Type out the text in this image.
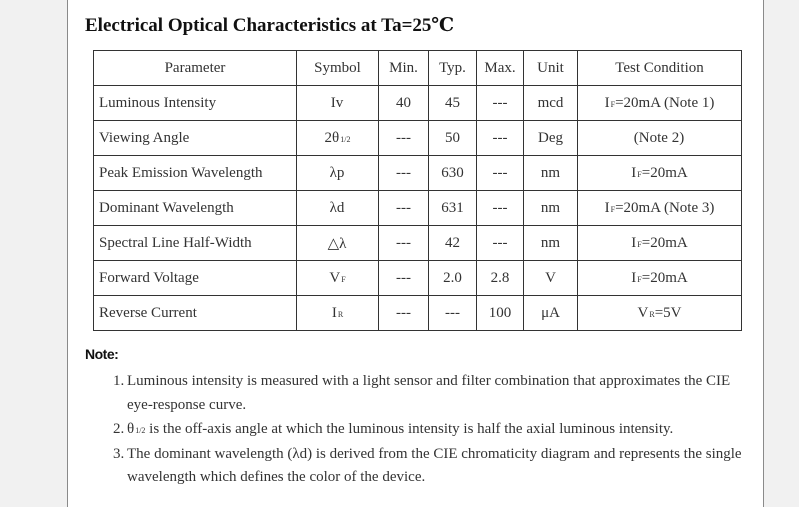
Electrical Optical Characteristics at Ta=25℃
Parameter	Symbol	Min.	Typ.	Max.	Unit	Test Condition
Luminous Intensity	Iv	40	45	---	mcd	IF=20mA (Note 1)
Viewing Angle	2θ1/2	---	50	---	Deg	(Note 2)
Peak Emission Wavelength	λp	---	630	---	nm	IF=20mA
Dominant Wavelength	λd	---	631	---	nm	IF=20mA (Note 3)
Spectral Line Half-Width	△λ	---	42	---	nm	IF=20mA
Forward Voltage	VF	---	2.0	2.8	V	IF=20mA
Reverse Current	IR	---	---	100	μA	VR=5V
Note:
1. Luminous intensity is measured with a light sensor and filter combination that approximates the CIE eye-response curve.
2. θ1/2 is the off-axis angle at which the luminous intensity is half the axial luminous intensity.
3. The dominant wavelength (λd) is derived from the CIE chromaticity diagram and represents the single wavelength which defines the color of the device.
